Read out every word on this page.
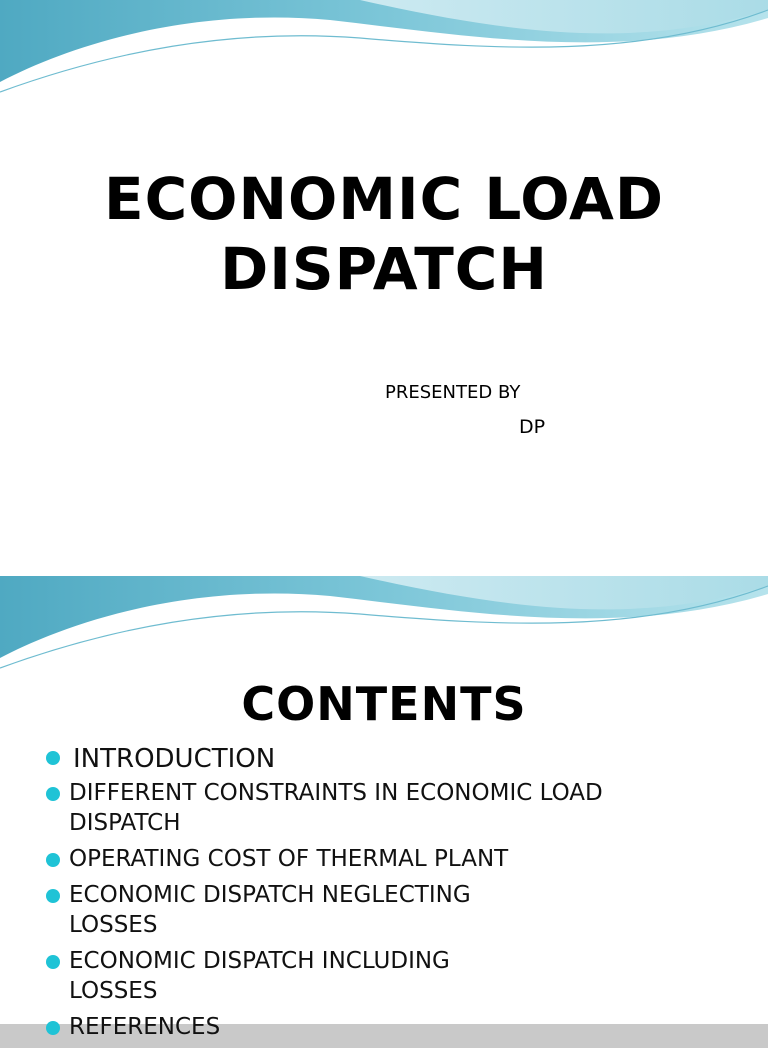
ECONOMIC LOAD
DISPATCH
PRESENTED BY
DP
CONTENTS
INTRODUCTION
DIFFERENT CONSTRAINTS IN ECONOMIC LOAD
DISPATCH
OPERATING COST OF THERMAL PLANT
ECONOMIC DISPATCH NEGLECTING
LOSSES
ECONOMIC DISPATCH INCLUDING
LOSSES
REFERENCES
